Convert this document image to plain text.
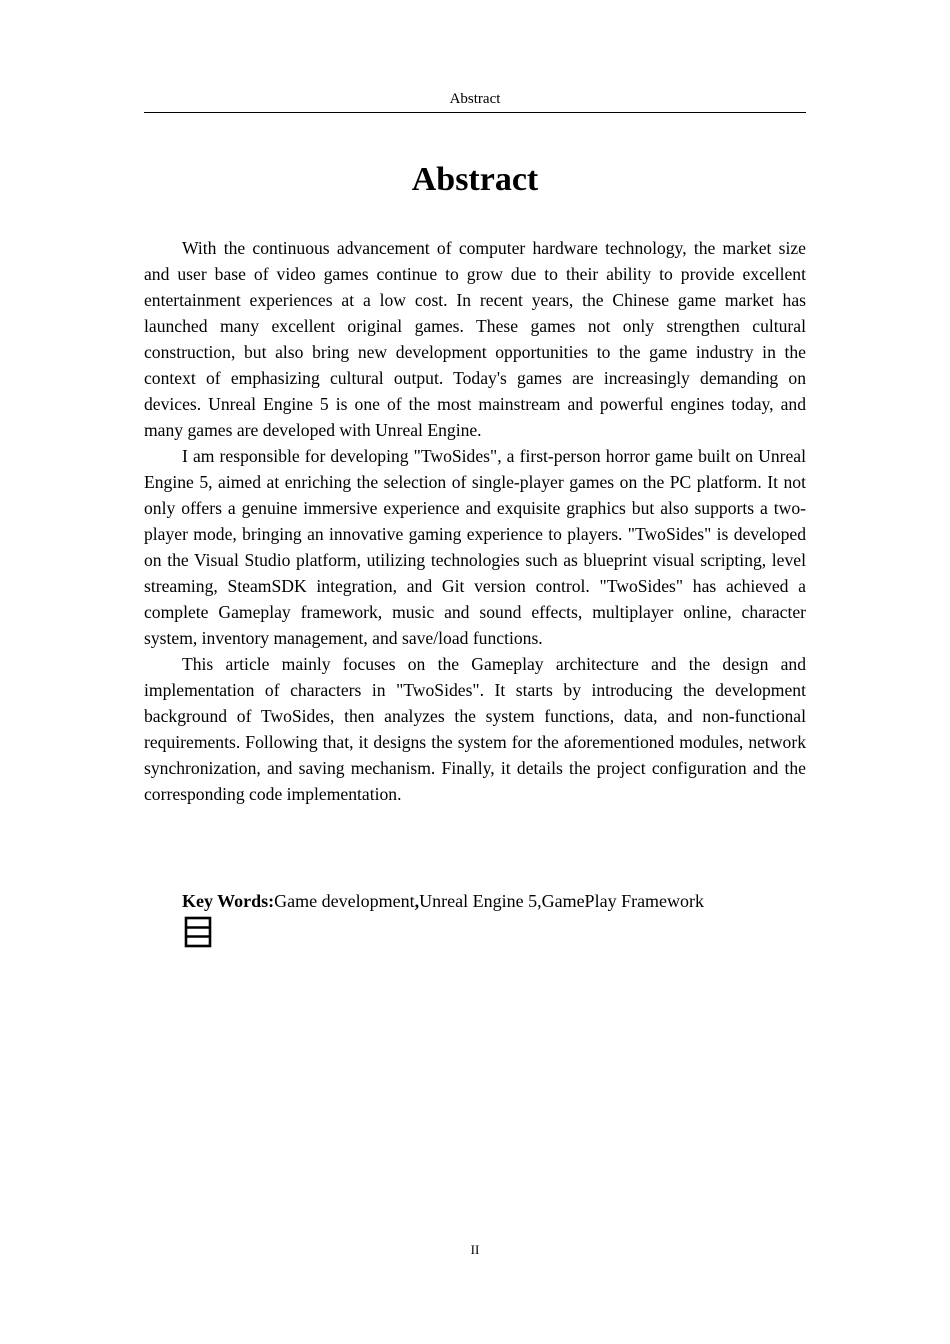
Abstract
Abstract

With the continuous advancement of computer hardware technology, the market size and user base of video games continue to grow due to their ability to provide excellent entertainment experiences at a low cost. In recent years, the Chinese game market has launched many excellent original games. These games not only strengthen cultural construction, but also bring new development opportunities to the game industry in the context of emphasizing cultural output. Today's games are increasingly demanding on devices. Unreal Engine 5 is one of the most mainstream and powerful engines today, and many games are developed with Unreal Engine.

I am responsible for developing "TwoSides", a first-person horror game built on Unreal Engine 5, aimed at enriching the selection of single-player games on the PC platform. It not only offers a genuine immersive experience and exquisite graphics but also supports a two-player mode, bringing an innovative gaming experience to players. "TwoSides" is developed on the Visual Studio platform, utilizing technologies such as blueprint visual scripting, level streaming, SteamSDK integration, and Git version control. "TwoSides" has achieved a complete Gameplay framework, music and sound effects, multiplayer online, character system, inventory management, and save/load functions.

This article mainly focuses on the Gameplay architecture and the design and implementation of characters in "TwoSides". It starts by introducing the development background of TwoSides, then analyzes the system functions, data, and non-functional requirements. Following that, it designs the system for the aforementioned modules, network synchronization, and saving mechanism. Finally, it details the project configuration and the corresponding code implementation.

Key Words:Game development,Unreal Engine 5,GamePlay Framework
II
